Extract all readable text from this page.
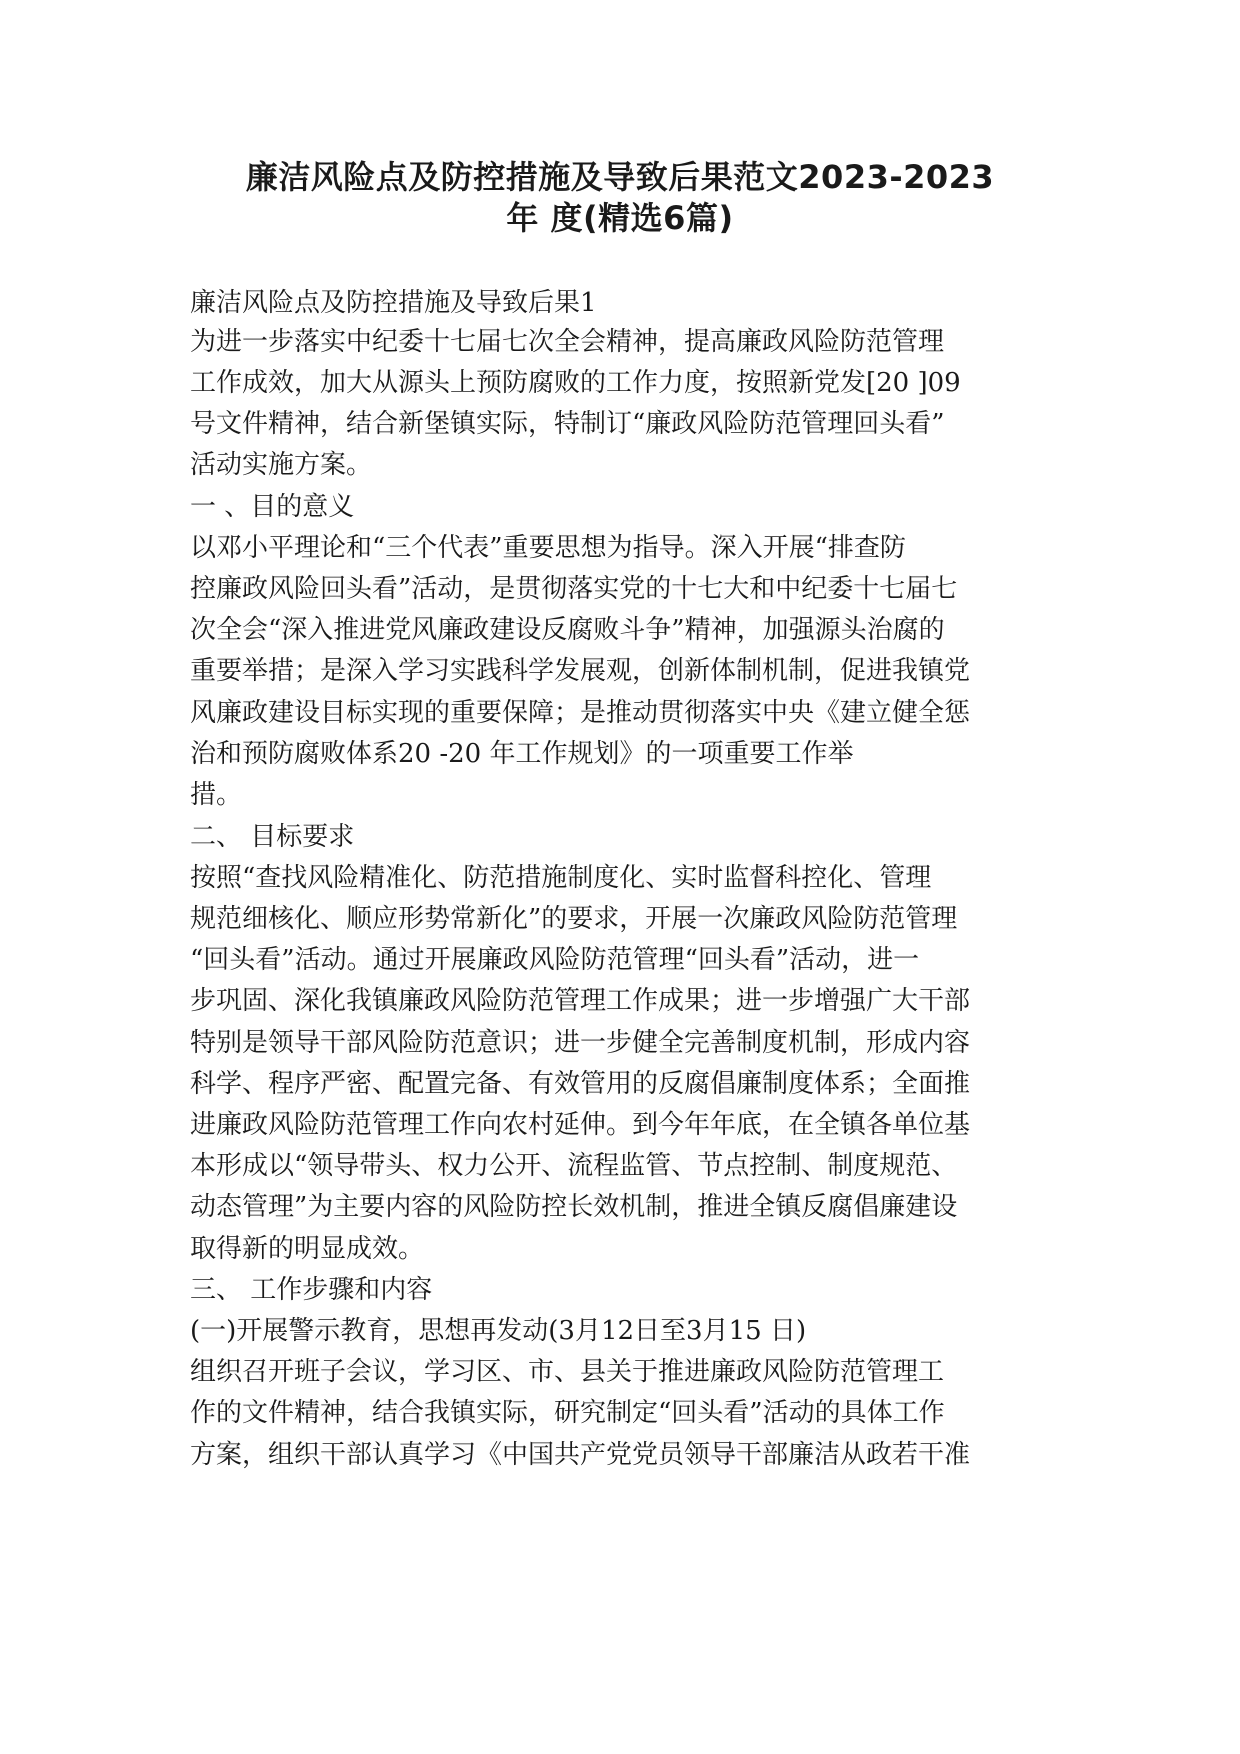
廉洁风险点及防控措施及导致后果范文2023-2023
年 度(精选6篇)
廉洁风险点及防控措施及导致后果1
为进一步落实中纪委十七届七次全会精神，提高廉政风险防范管理
工作成效，加大从源头上预防腐败的工作力度，按照新党发[20 ]09
号文件精神，结合新堡镇实际，特制订“廉政风险防范管理回头看”
活动实施方案。
一 、目的意义
以邓小平理论和“三个代表”重要思想为指导。深入开展“排查防
控廉政风险回头看”活动，是贯彻落实党的十七大和中纪委十七届七
次全会“深入推进党风廉政建设反腐败斗争”精神，加强源头治腐的
重要举措；是深入学习实践科学发展观，创新体制机制，促进我镇党
风廉政建设目标实现的重要保障；是推动贯彻落实中央《建立健全惩
治和预防腐败体系20 -20 年工作规划》的一项重要工作举
措。
二、 目标要求
按照“查找风险精准化、防范措施制度化、实时监督科控化、管理
规范细核化、顺应形势常新化”的要求，开展一次廉政风险防范管理
“回头看”活动。通过开展廉政风险防范管理“回头看”活动，进一
步巩固、深化我镇廉政风险防范管理工作成果；进一步增强广大干部
特别是领导干部风险防范意识；进一步健全完善制度机制，形成内容
科学、程序严密、配置完备、有效管用的反腐倡廉制度体系；全面推
进廉政风险防范管理工作向农村延伸。到今年年底，在全镇各单位基
本形成以“领导带头、权力公开、流程监管、节点控制、制度规范、
动态管理”为主要内容的风险防控长效机制，推进全镇反腐倡廉建设
取得新的明显成效。
三、 工作步骤和内容
(一)开展警示教育，思想再发动(3月12日至3月15 日)
组织召开班子会议，学习区、市、县关于推进廉政风险防范管理工
作的文件精神，结合我镇实际，研究制定“回头看”活动的具体工作
方案，组织干部认真学习《中国共产党党员领导干部廉洁从政若干准
